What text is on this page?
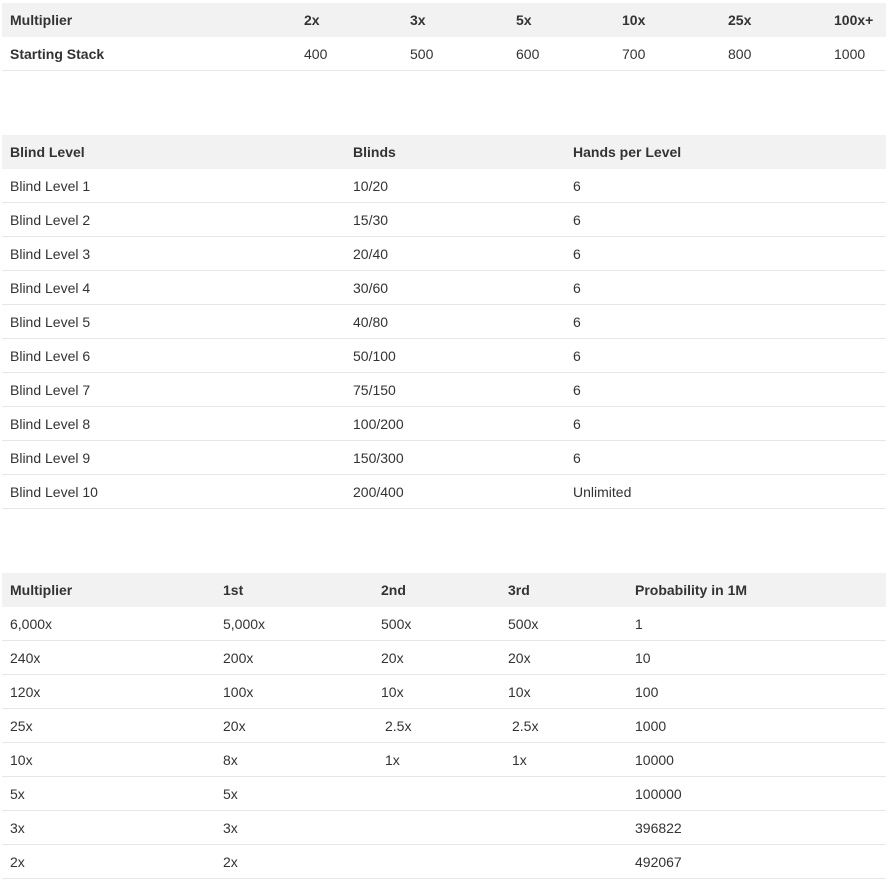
Multiplier	2x	3x	5x	10x	25x	100x+
Starting Stack	400	500	600	700	800	1000
Blind Level	Blinds	Hands per Level
Blind Level 1	10/20	6
Blind Level 2	15/30	6
Blind Level 3	20/40	6
Blind Level 4	30/60	6
Blind Level 5	40/80	6
Blind Level 6	50/100	6
Blind Level 7	75/150	6
Blind Level 8	100/200	6
Blind Level 9	150/300	6
Blind Level 10	200/400	Unlimited
Multiplier	1st	2nd	3rd	Probability in 1M
6,000x	5,000x	500x	500x	1
240x	200x	20x	20x	10
120x	100x	10x	10x	100
25x	20x	2.5x	2.5x	1000
10x	8x	1x	1x	10000
5x	5x			100000
3x	3x			396822
2x	2x			492067
